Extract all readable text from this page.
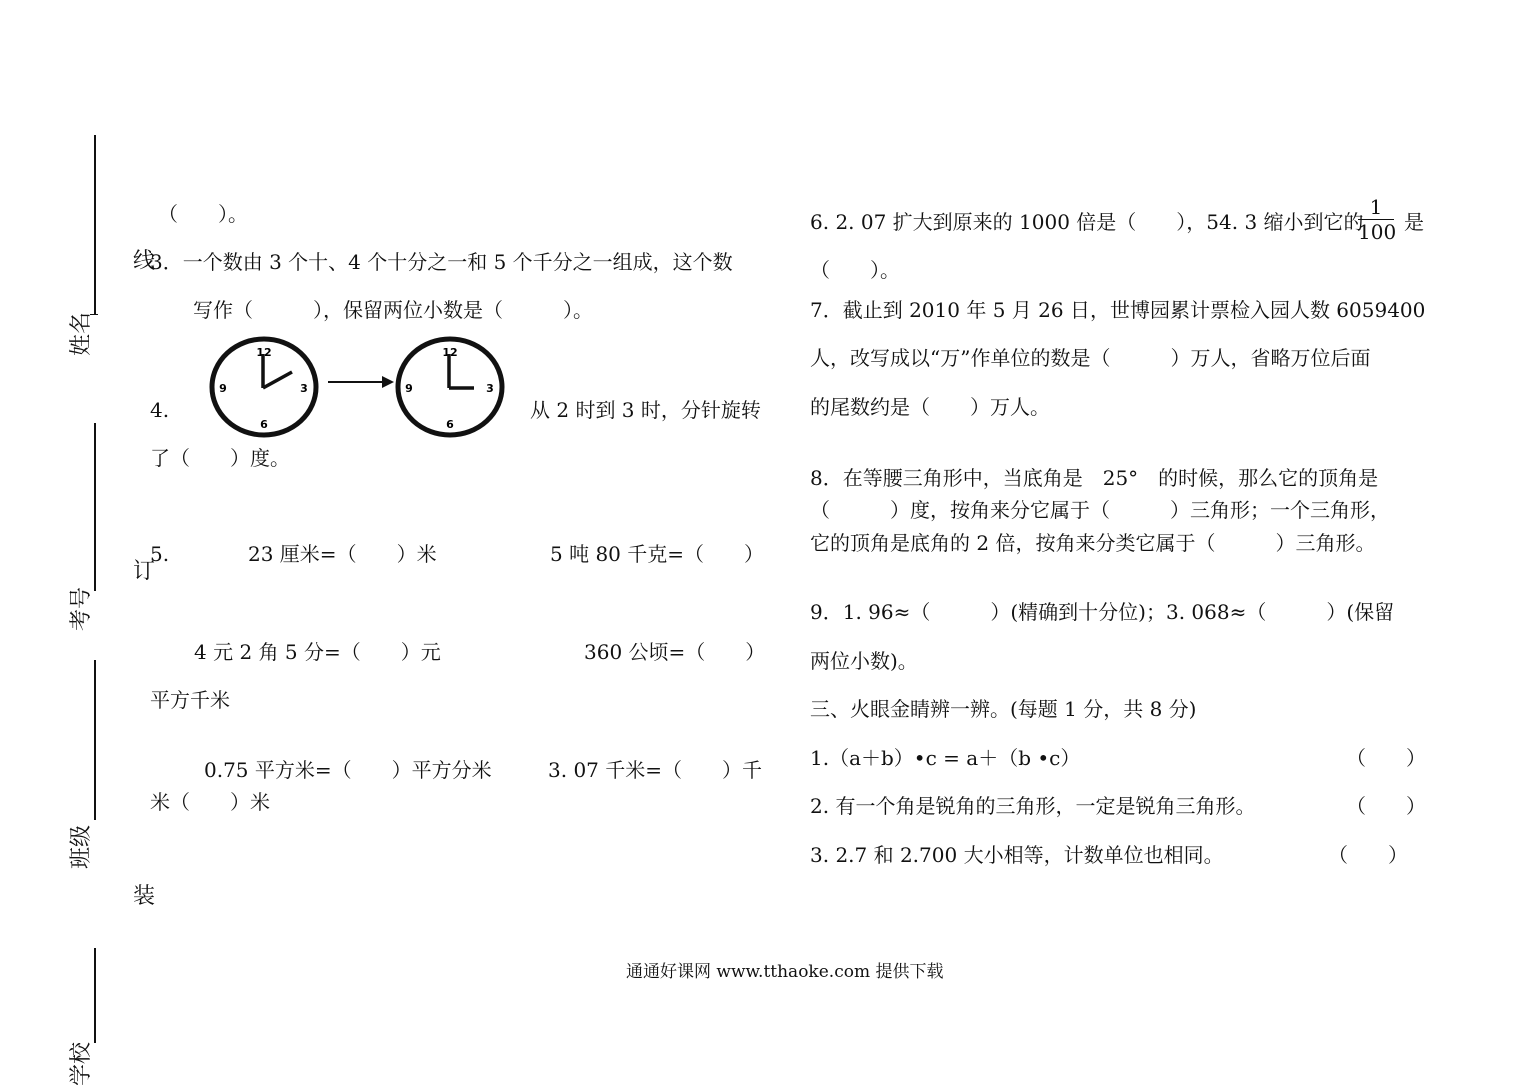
姓名
考号
班级
学校
线
订
装
（　　）。
3．一个数由 3 个十、4 个十分之一和 5 个千分之一组成，这个数
写作（　　　），保留两位小数是（　　　）。
4.
12
3
6
9
12
3
6
9
从 2 时到 3 时，分针旋转
了（　　）度。
5.	23 厘米=（　　）米	5 吨 80 千克=（　　）
4 元 2 角 5 分=（　　）元	360 公顷=（　　）
平方千米
0.75 平方米=（　　）平方分米	3. 07 千米=（　　）千
米（　　）米
6. 2. 07 扩大到原来的 1000 倍是（　　），54. 3 缩小到它的
1
100 是
（　　）。
7．截止到 2010 年 5 月 26 日，世博园累计票检入园人数 6059400
人，改写成以“万”作单位的数是（　　　）万人，省略万位后面
的尾数约是（　　）万人。
8．在等腰三角形中，当底角是　25°　的时候，那么它的顶角是
（　　　）度，按角来分它属于（　　　）三角形；一个三角形，
它的顶角是底角的 2 倍，按角来分类它属于（　　　）三角形。
9．1. 96≈（　　　）(精确到十分位)；3. 068≈（　　　）(保留
两位小数)。
三、火眼金睛辨一辨。(每题 1 分，共 8 分)
1.（a＋b）•c = a＋（b •c）	（　　）
2. 有一个角是锐角的三角形，一定是锐角三角形。	（　　）
3. 2.7 和 2.700 大小相等，计数单位也相同。	（　　）
通通好课网 www.tthaoke.com 提供下载
